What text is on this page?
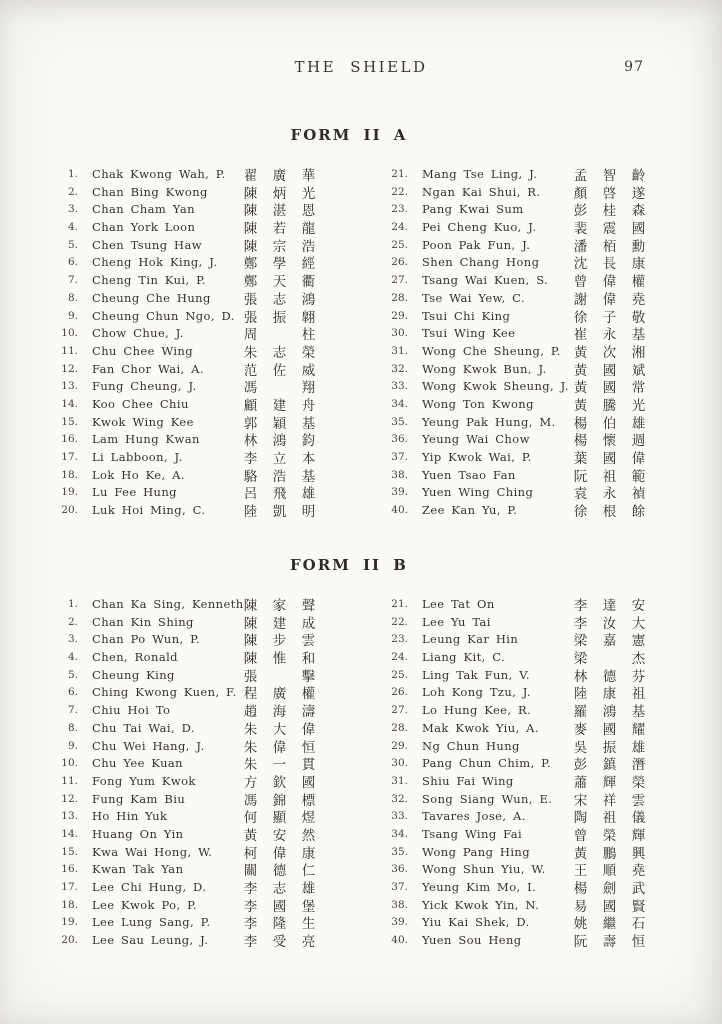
THE SHIELD	97
FORM II A
1.	Chak Kwong Wah, P.	翟	廣	華
2.	Chan Bing Kwong	陳	炳	光
3.	Chan Cham Yan	陳	湛	恩
4.	Chan York Loon	陳	若	龍
5.	Chen Tsung Haw	陳	宗	浩
6.	Cheng Hok King, J.	鄭	學	經
7.	Cheng Tin Kui, P.	鄭	天	衢
8.	Cheung Che Hung	張	志	鴻
9.	Cheung Chun Ngo, D. 張	振	翺
10.	Chow Chue, J.	周	柱
11.	Chu Chee Wing	朱	志	榮
12.	Fan Chor Wai, A.	范	佐	威
13.	Fung Cheung, J.	馮	翔
14.	Koo Chee Chiu	顧	建	舟
15.	Kwok Wing Kee	郭	穎	基
16.	Lam Hung Kwan	林	鴻	鈞
17.	Li Labboon, J.	李	立	本
18.	Lok Ho Ke, A.	駱	浩	基
19.	Lu Fee Hung	呂	飛	雄
20.	Luk Hoi Ming, C.	陸	凱	明
21.	Mang Tse Ling, J.	孟	智	齡
22.	Ngan Kai Shui, R.	顏	啓	遂
23.	Pang Kwai Sum	彭	桂	森
24.	Pei Cheng Kuo, J.	裴	震	國
25.	Poon Pak Fun, J.	潘	栢	勳
26.	Shen Chang Hong	沈	長	康
27.	Tsang Wai Kuen, S.	曾	偉	權
28.	Tse Wai Yew, C.	謝	偉	堯
29.	Tsui Chi King	徐	子	敬
30.	Tsui Wing Kee	崔	永	基
31.	Wong Che Sheung, P. 黃	次	湘
32.	Wong Kwok Bun, J.	黃	國	斌
33.	Wong Kwok Sheung, J. 黃	國	常
34.	Wong Ton Kwong	黃	騰	光
35.	Yeung Pak Hung, M.	楊	伯	雄
36.	Yeung Wai Chow	楊	懷	週
37.	Yip Kwok Wai, P.	葉	國	偉
38.	Yuen Tsao Fan	阮	祖	範
39.	Yuen Wing Ching	袁	永	禎
40.	Zee Kan Yu, P.	徐	根	餘
FORM II B
1.	Chan Ka Sing, Kenneth 陳	家	聲
2.	Chan Kin Shing	陳	建	成
3.	Chan Po Wun, P.	陳	步	雲
4.	Chen, Ronald	陳	惟	和
5.	Cheung King	張	擊
6.	Ching Kwong Kuen, F. 程	廣	權
7.	Chiu Hoi To	趙	海	濤
8.	Chu Tai Wai, D.	朱	大	偉
9.	Chu Wei Hang, J.	朱	偉	恒
10.	Chu Yee Kuan	朱	一	貫
11.	Fong Yum Kwok	方	欽	國
12.	Fung Kam Biu	馮	錦	標
13.	Ho Hin Yuk	何	顯	煜
14.	Huang On Yin	黃	安	然
15.	Kwa Wai Hong, W.	柯	偉	康
16.	Kwan Tak Yan	關	德	仁
17.	Lee Chi Hung, D.	李	志	雄
18.	Lee Kwok Po, P.	李	國	堡
19.	Lee Lung Sang, P.	李	隆	生
20.	Lee Sau Leung, J.	李	受	亮
21.	Lee Tat On	李	達	安
22.	Lee Yu Tai	李	汝	大
23.	Leung Kar Hin	梁	嘉	憲
24.	Liang Kit, C.	梁	杰
25.	Ling Tak Fun, V.	林	德	芬
26.	Loh Kong Tzu, J.	陸	康	祖
27.	Lo Hung Kee, R.	羅	鴻	基
28.	Mak Kwok Yiu, A.	麥	國	耀
29.	Ng Chun Hung	吳	振	雄
30.	Pang Chun Chim, P.	彭	鎮	潛
31.	Shiu Fai Wing	蕭	輝	榮
32.	Song Siang Wun, E.	宋	祥	雲
33.	Tavares Jose, A.	陶	祖	儀
34.	Tsang Wing Fai	曾	榮	輝
35.	Wong Pang Hing	黃	鵬	興
36.	Wong Shun Yiu, W.	王	順	堯
37.	Yeung Kim Mo, I.	楊	劍	武
38.	Yick Kwok Yin, N.	易	國	賢
39.	Yiu Kai Shek, D.	姚	繼	石
40.	Yuen Sou Heng	阮	壽	恒
